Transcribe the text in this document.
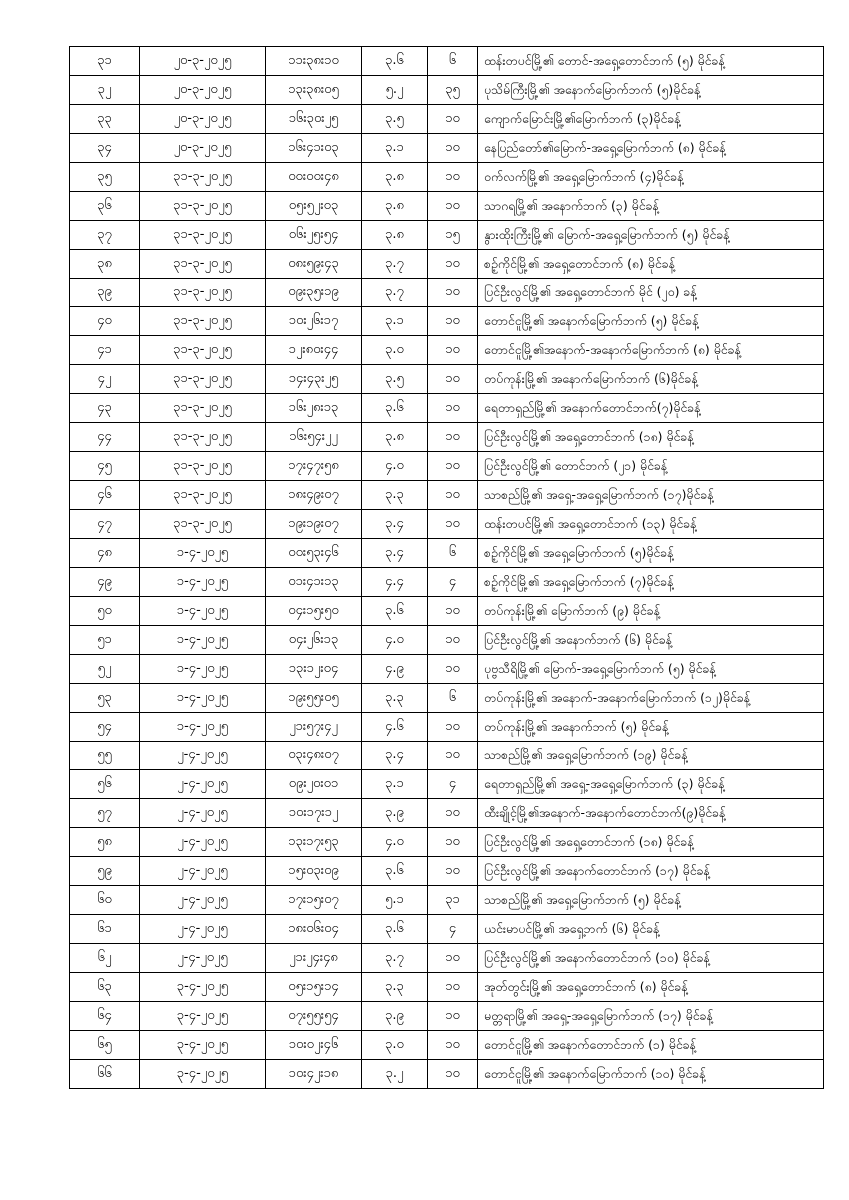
၃၁	၂၀-၃-၂၀၂၅	၁၁း၃၈း၁၀	၃.၆	၆	ထန်းတပင်မြို့၏ တောင်-အရှေ့တောင်ဘက် (၅) မိုင်ခန့်
၃၂	၂၀-၃-၂၀၂၅	၁၃း၃၈း၀၅	၅.၂	၃၅	ပုသိမ်ကြီးမြို့၏ အနောက်မြောက်ဘက် (၅)မိုင်ခန့်
၃၃	၂၀-၃-၂၀၂၅	၁၆း၃၀း၂၅	၃.၅	၁၀	ကျောက်မြောင်းမြို့၏မြောက်ဘက် (၃)မိုင်ခန့်
၃၄	၂၀-၃-၂၀၂၅	၁၆း၄၁း၀၃	၃.၁	၁၀	နေပြည်တော်၏မြောက်-အရှေ့မြောက်ဘက် (၈) မိုင်ခန့်
၃၅	၃၁-၃-၂၀၂၅	၀၀း၀၀း၄၈	၃.၈	၁၀	ဝက်လက်မြို့၏ အရှေ့မြောက်ဘက် (၄)မိုင်ခန့်
၃၆	၃၁-၃-၂၀၂၅	၀၅း၅၂း၀၃	၃.၈	၁၀	သာဂရမြို့၏ အနောက်ဘက် (၃) မိုင်ခန့်
၃၇	၃၁-၃-၂၀၂၅	၀၆း၂၅း၅၄	၃.၈	၁၅	နွားထိုးကြီးမြို့၏ မြောက်-အရှေ့မြောက်ဘက် (၅) မိုင်ခန့်
၃၈	၃၁-၃-၂၀၂၅	၀၈း၅၉း၄၃	၃.၇	၁၀	စဥ့်ကိုင်မြို့၏ အရှေ့တောင်ဘက် (၈) မိုင်ခန့်
၃၉	၃၁-၃-၂၀၂၅	၀၉း၃၅း၁၉	၃.၇	၁၀	ပြင်ဦးလွင်မြို့၏ အရှေ့တောင်ဘက် မိုင် (၂၀) ခန့်
၄၀	၃၁-၃-၂၀၂၅	၁၀း၂၆း၁၇	၃.၁	၁၀	တောင်ငူမြို့၏ အနောက်မြောက်ဘက် (၅) မိုင်ခန့်
၄၁	၃၁-၃-၂၀၂၅	၁၂း၈၀း၄၄	၃.၀	၁၀	တောင်ငူမြို့၏အနောက်-အနောက်မြောက်ဘက် (၈) မိုင်ခန့်
၄၂	၃၁-၃-၂၀၂၅	၁၄း၄၃း၂၅	၃.၅	၁၀	တပ်ကုန်းမြို့၏ အနောက်မြောက်ဘက် (၆)မိုင်ခန့်
၄၃	၃၁-၃-၂၀၂၅	၁၆း၂၈း၁၃	၃.၆	၁၀	ရေတာရှည်မြို့၏ အနောက်တောင်ဘက်(၇)မိုင်ခန့်
၄၄	၃၁-၃-၂၀၂၅	၁၆း၅၄း၂၂	၃.၈	၁၀	ပြင်ဦးလွင်မြို့၏ အရှေ့တောင်ဘက် (၁၈) မိုင်ခန့်
၄၅	၃၁-၃-၂၀၂၅	၁၇း၄၇း၅၈	၄.၀	၁၀	ပြင်ဦးလွင်မြို့၏ တောင်ဘက် (၂၁) မိုင်ခန့်
၄၆	၃၁-၃-၂၀၂၅	၁၈း၄၉း၀၇	၃.၃	၁၀	သာစည်မြို့၏ အရှေ့-အရှေ့မြောက်ဘက် (၁၇)မိုင်ခန့်
၄၇	၃၁-၃-၂၀၂၅	၁၉း၁၉း၀၇	၃.၄	၁၀	ထန်းတပင်မြို့၏ အရှေ့တောင်ဘက် (၁၃) မိုင်ခန့်
၄၈	၁-၄-၂၀၂၅	၀၀း၅၃း၄၆	၃.၄	၆	စဥ့်ကိုင်မြို့၏ အရှေ့မြောက်ဘက် (၅)မိုင်ခန့်
၄၉	၁-၄-၂၀၂၅	၀၁း၄၁း၁၃	၄.၄	၄	စဥ့်ကိုင်မြို့၏ အရှေ့မြောက်ဘက် (၇)မိုင်ခန့်
၅၀	၁-၄-၂၀၂၅	၀၄း၁၅း၅၀	၃.၆	၁၀	တပ်ကုန်းမြို့၏ မြောက်ဘက် (၉) မိုင်ခန့်
၅၁	၁-၄-၂၀၂၅	၀၄း၂၆း၁၃	၄.၀	၁၀	ပြင်ဦးလွင်မြို့၏ အနောက်ဘက် (၆) မိုင်ခန့်
၅၂	၁-၄-၂၀၂၅	၁၃း၁၂း၀၄	၄.၉	၁၀	ပုဗ္ဗသီရိမြို့၏ မြောက်-အရှေ့မြောက်ဘက် (၅) မိုင်ခန့်
၅၃	၁-၄-၂၀၂၅	၁၉း၅၅း၀၅	၃.၃	၆	တပ်ကုန်းမြို့၏ အနောက်-အနောက်မြောက်ဘက် (၁၂)မိုင်ခန့်
၅၄	၁-၄-၂၀၂၅	၂၁း၅၇း၄၂	၄.၆	၁၀	တပ်ကုန်းမြို့၏ အနောက်ဘက် (၅) မိုင်ခန့်
၅၅	၂-၄-၂၀၂၅	၀၃း၄၈း၀၇	၃.၄	၁၀	သာစည်မြို့၏ အရှေ့မြောက်ဘက် (၁၉) မိုင်ခန့်
၅၆	၂-၄-၂၀၂၅	၀၉း၂၀း၀၁	၃.၁	၄	ရေတာရှည်မြို့၏ အရှေ့-အရှေ့မြောက်ဘက် (၃) မိုင်ခန့်
၅၇	၂-၄-၂၀၂၅	၁၀း၁၇း၁၂	၃.၉	၁၀	ထီးချိုင့်မြို့၏အနောက်-အနောက်တောင်ဘက်(၉)မိုင်ခန့်
၅၈	၂-၄-၂၀၂၅	၁၃း၁၇း၅၃	၄.၀	၁၀	ပြင်ဦးလွင်မြို့၏ အရှေ့တောင်ဘက် (၁၈) မိုင်ခန့်
၅၉	၂-၄-၂၀၂၅	၁၅း၀၃း၀၉	၃.၆	၁၀	ပြင်ဦးလွင်မြို့၏ အနောက်တောင်ဘက် (၁၇) မိုင်ခန့်
၆၀	၂-၄-၂၀၂၅	၁၇း၁၅း၀၇	၅.၁	၃၁	သာစည်မြို့၏ အရှေ့မြောက်ဘက် (၅) မိုင်ခန့်
၆၁	၂-၄-၂၀၂၅	၁၈း၀၆း၀၄	၃.၆	၄	ယင်းမာပင်မြို့၏ အရှေ့ဘက် (၆) မိုင်ခန့်
၆၂	၂-၄-၂၀၂၅	၂၁း၂၄း၄၈	၃.၇	၁၀	ပြင်ဦးလွင်မြို့၏ အနောက်တောင်ဘက် (၁၀) မိုင်ခန့်
၆၃	၃-၄-၂၀၂၅	၀၅း၁၅း၁၄	၃.၃	၁၀	အုတ်တွင်းမြို့၏ အရှေ့တောင်ဘက် (၈) မိုင်ခန့်
၆၄	၃-၄-၂၀၂၅	၀၇း၅၅း၅၄	၃.၉	၁၀	မတ္တရာမြို့၏ အရှေ့-အရှေ့မြောက်ဘက် (၁၇) မိုင်ခန့်
၆၅	၃-၄-၂၀၂၅	၁၀း၀၂း၄၆	၃.၀	၁၀	တောင်ငူမြို့၏ အနောက်တောင်ဘက် (၁) မိုင်ခန့်
၆၆	၃-၄-၂၀၂၅	၁၀း၄၂း၁၈	၃.၂	၁၀	တောင်ငူမြို့၏ အနောက်မြောက်ဘက် (၁၀) မိုင်ခန့်
